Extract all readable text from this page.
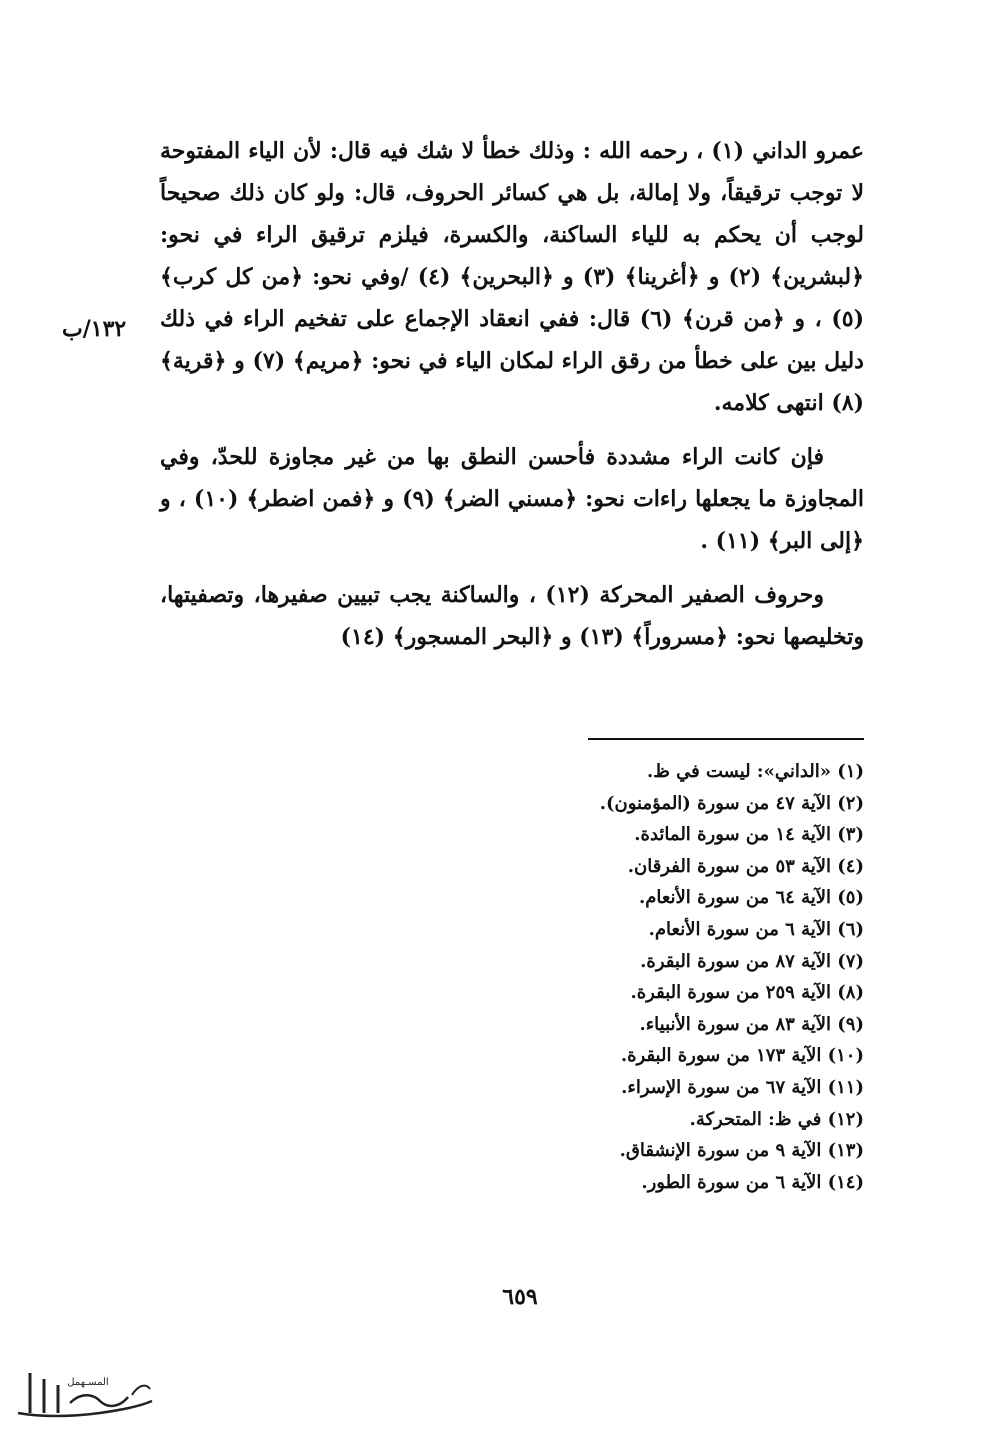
عمرو الداني (١) ، رحمه الله : وذلك خطأ لا شك فيه قال: لأن الياء المفتوحة لا توجب ترقيقاً، ولا إمالة، بل هي كسائر الحروف، قال: ولو كان ذلك صحيحاً لوجب أن يحكم به للياء الساكنة، والكسرة، فيلزم ترقيق الراء في نحو: ﴿لبشرين﴾ (٢) و ﴿أغرينا﴾ (٣) و ﴿البحرين﴾ (٤) /وفي نحو: ﴿من كل كرب﴾ (٥) ، و ﴿من قرن﴾ (٦) قال: ففي انعقاد الإجماع على تفخيم الراء في ذلك دليل بين على خطأ من رقق الراء لمكان الياء في نحو: ﴿مريم﴾ (٧) و ﴿قرية﴾ (٨) انتهى كلامه.

فإن كانت الراء مشددة فأحسن النطق بها من غير مجاوزة للحدّ، وفي المجاوزة ما يجعلها راءات نحو: ﴿مسني الضر﴾ (٩) و ﴿فمن اضطر﴾ (١٠) ، و ﴿إلى البر﴾ (١١) .

وحروف الصفير المحركة (١٢) ، والساكنة يجب تبيين صفيرها، وتصفيتها، وتخليصها نحو: ﴿مسروراً﴾ (١٣) و ﴿البحر المسجور﴾ (١٤)

١٣٢/ب
(١) «الداني»: ليست في ظ.
(٢) الآية ٤٧ من سورة (المؤمنون).
(٣) الآية ١٤ من سورة المائدة.
(٤) الآية ٥٣ من سورة الفرقان.
(٥) الآية ٦٤ من سورة الأنعام.
(٦) الآية ٦ من سورة الأنعام.
(٧) الآية ٨٧ من سورة البقرة.
(٨) الآية ٢٥٩ من سورة البقرة.
(٩) الآية ٨٣ من سورة الأنبياء.
(١٠) الآية ١٧٣ من سورة البقرة.
(١١) الآية ٦٧ من سورة الإسراء.
(١٢) في ظ: المتحركة.
(١٣) الآية ٩ من سورة الإنشقاق.
(١٤) الآية ٦ من سورة الطور.
٦٥٩
المسـهمل
